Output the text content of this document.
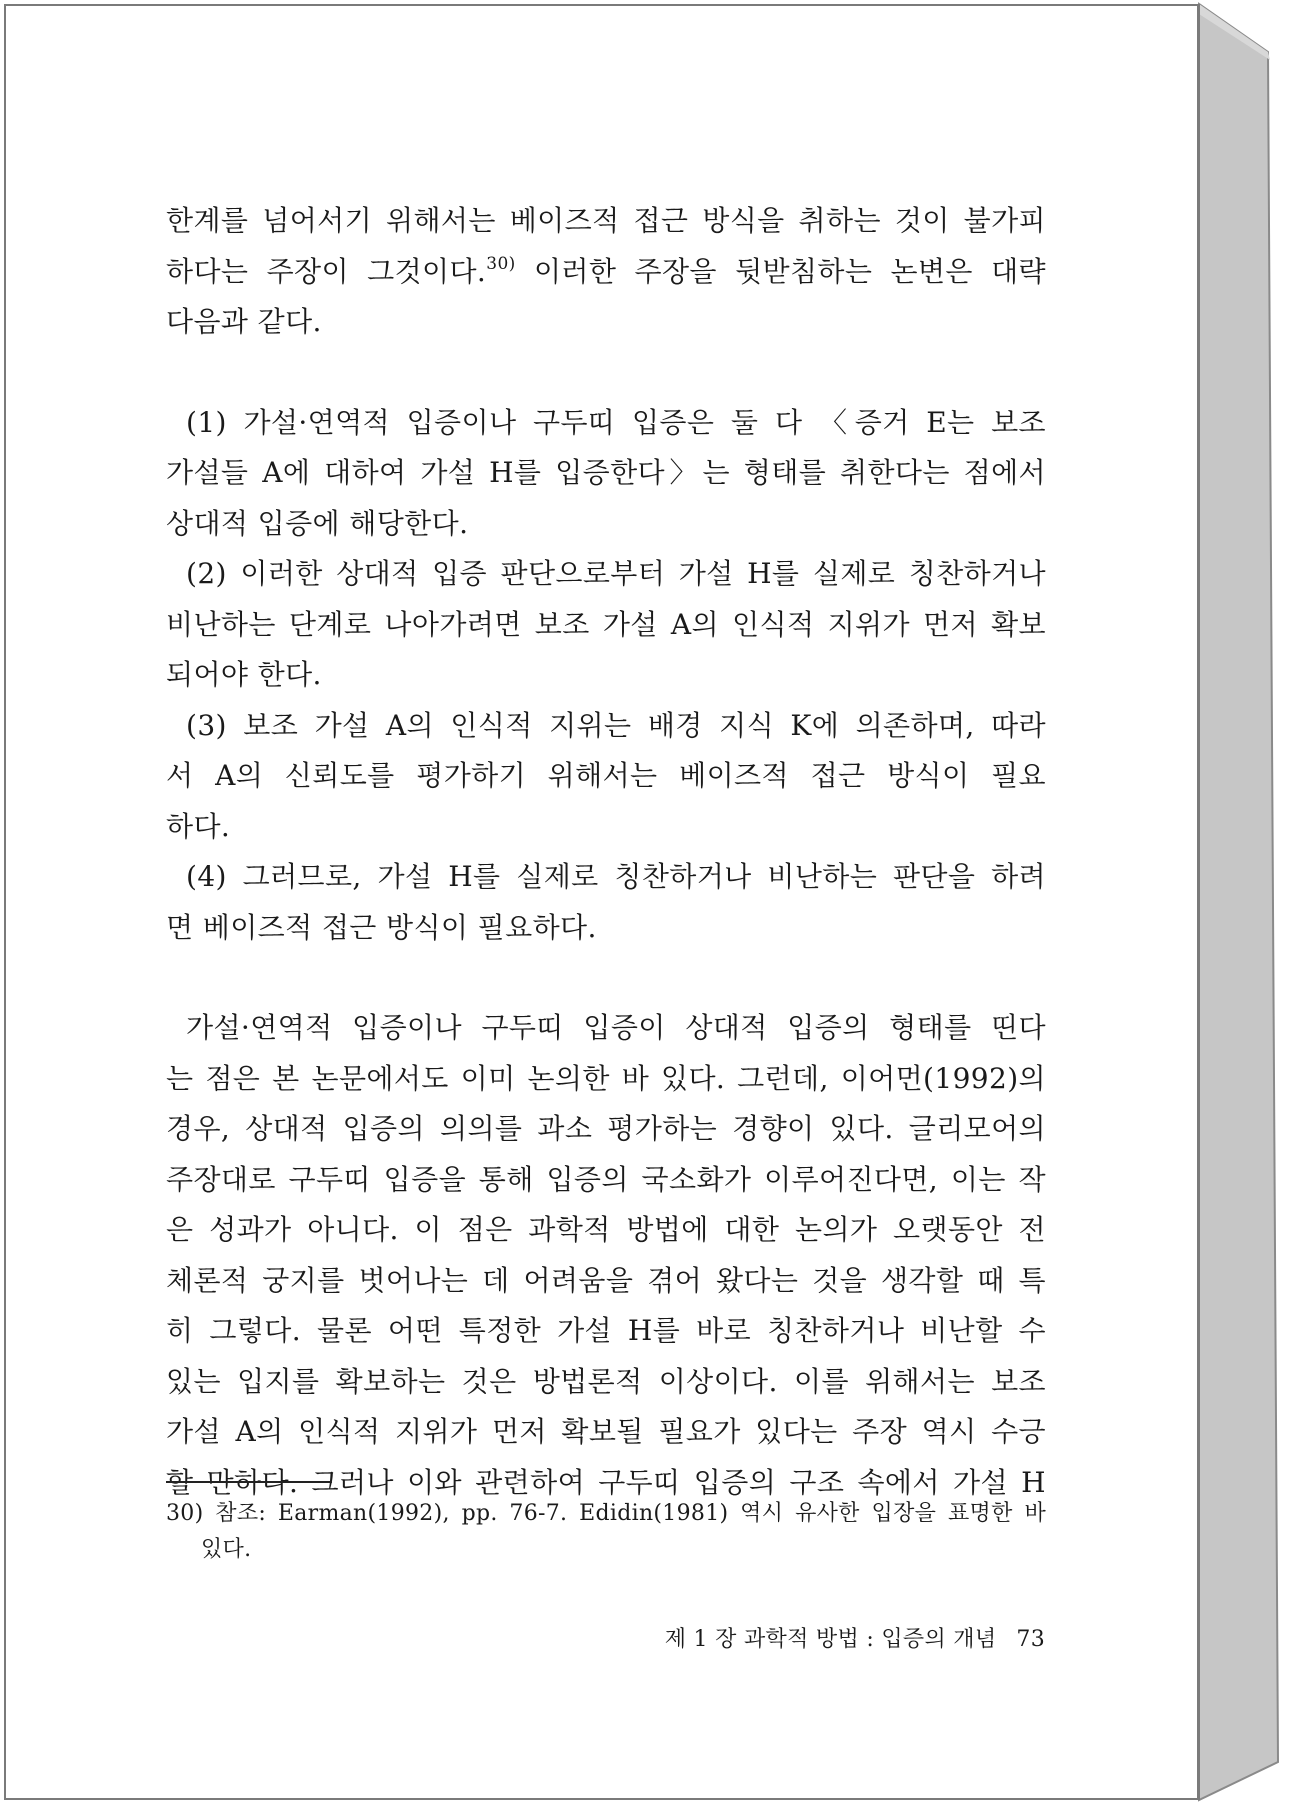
한계를 넘어서기 위해서는 베이즈적 접근 방식을 취하는 것이 불가피
하다는 주장이 그것이다.$^{30)}$ 이러한 주장을 뒷받침하는 논변은 대략
다음과 같다.
(1) 가설·연역적 입증이나 구두띠 입증은 둘 다 〈증거 E는 보조
가설들 A에 대하여 가설 H를 입증한다〉는 형태를 취한다는 점에서
상대적 입증에 해당한다.
(2) 이러한 상대적 입증 판단으로부터 가설 H를 실제로 칭찬하거나
비난하는 단계로 나아가려면 보조 가설 A의 인식적 지위가 먼저 확보
되어야 한다.
(3) 보조 가설 A의 인식적 지위는 배경 지식 K에 의존하며, 따라
서 A의 신뢰도를 평가하기 위해서는 베이즈적 접근 방식이 필요
하다.
(4) 그러므로, 가설 H를 실제로 칭찬하거나 비난하는 판단을 하려
면 베이즈적 접근 방식이 필요하다.
가설·연역적 입증이나 구두띠 입증이 상대적 입증의 형태를 띤다
는 점은 본 논문에서도 이미 논의한 바 있다. 그런데, 이어먼(1992)의
경우, 상대적 입증의 의의를 과소 평가하는 경향이 있다. 글리모어의
주장대로 구두띠 입증을 통해 입증의 국소화가 이루어진다면, 이는 작
은 성과가 아니다. 이 점은 과학적 방법에 대한 논의가 오랫동안 전
체론적 궁지를 벗어나는 데 어려움을 겪어 왔다는 것을 생각할 때 특
히 그렇다. 물론 어떤 특정한 가설 H를 바로 칭찬하거나 비난할 수
있는 입지를 확보하는 것은 방법론적 이상이다. 이를 위해서는 보조
가설 A의 인식적 지위가 먼저 확보될 필요가 있다는 주장 역시 수긍
할 만하다. 그러나 이와 관련하여 구두띠 입증의 구조 속에서 가설 H
30) 참조: Earman(1992), pp. 76-7. Edidin(1981) 역시 유사한 입장을 표명한 바
있다.
제 1 장 과학적 방법 : 입증의 개념 73
